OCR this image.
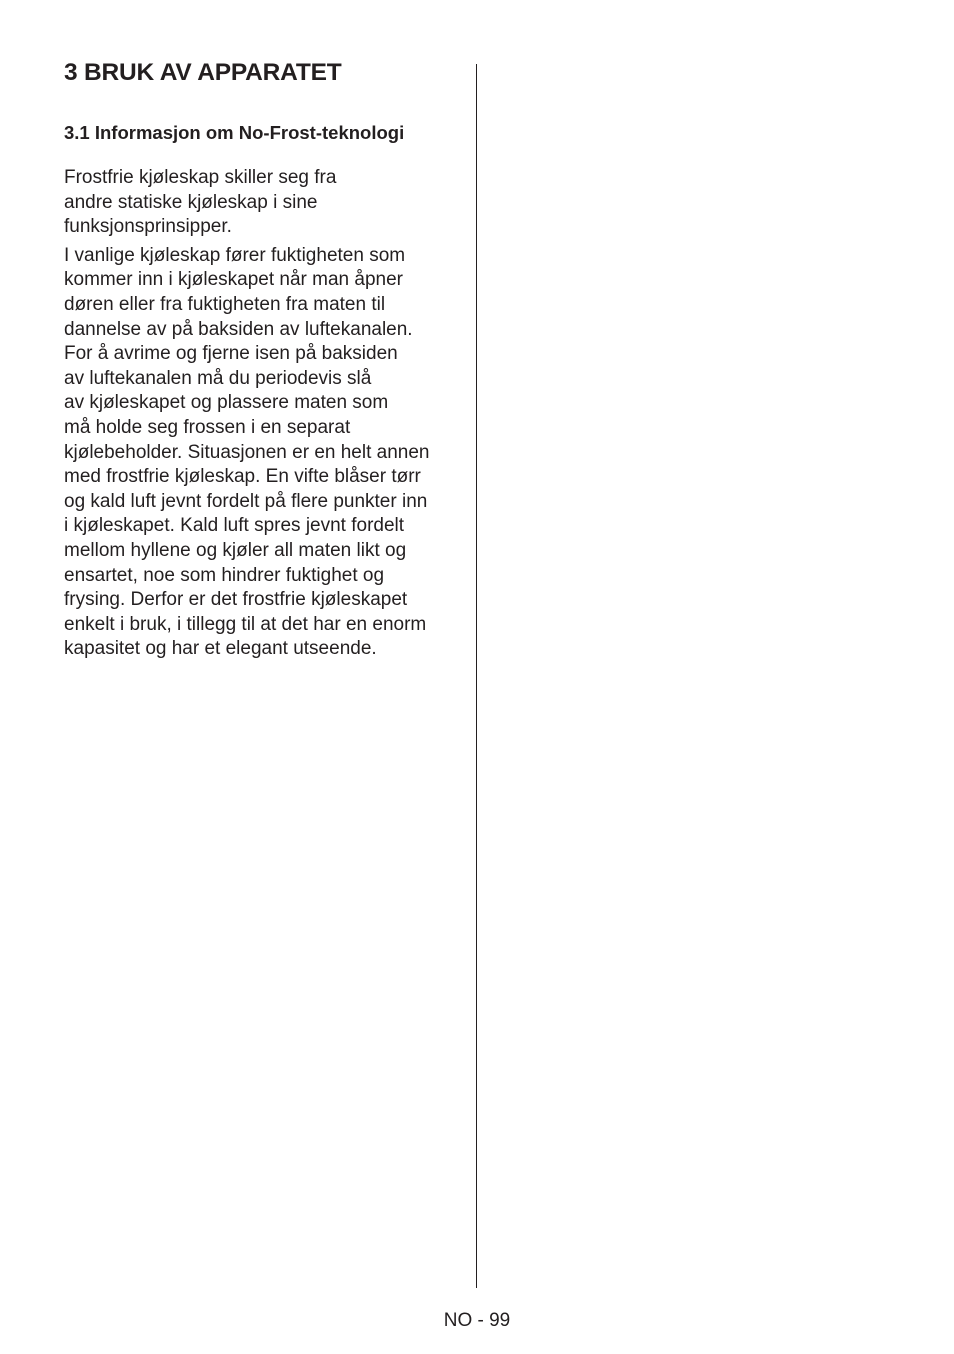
3 BRUK AV APPARATET
3.1 Informasjon om No-Frost-teknologi

Frostfrie kjøleskap skiller seg fra
andre statiske kjøleskap i sine
funksjonsprinsipper.

I vanlige kjøleskap fører fuktigheten som
kommer inn i kjøleskapet når man åpner
døren eller fra fuktigheten fra maten til
dannelse av på baksiden av luftekanalen.
For å avrime og fjerne isen på baksiden
av luftekanalen må du periodevis slå
av kjøleskapet og plassere maten som
må holde seg frossen i en separat
kjølebeholder. Situasjonen er en helt annen
med frostfrie kjøleskap. En vifte blåser tørr
og kald luft jevnt fordelt på flere punkter inn
i kjøleskapet. Kald luft spres jevnt fordelt
mellom hyllene og kjøler all maten likt og
ensartet, noe som hindrer fuktighet og
frysing. Derfor er det frostfrie kjøleskapet
enkelt i bruk, i tillegg til at det har en enorm
kapasitet og har et elegant utseende.

NO - 99
